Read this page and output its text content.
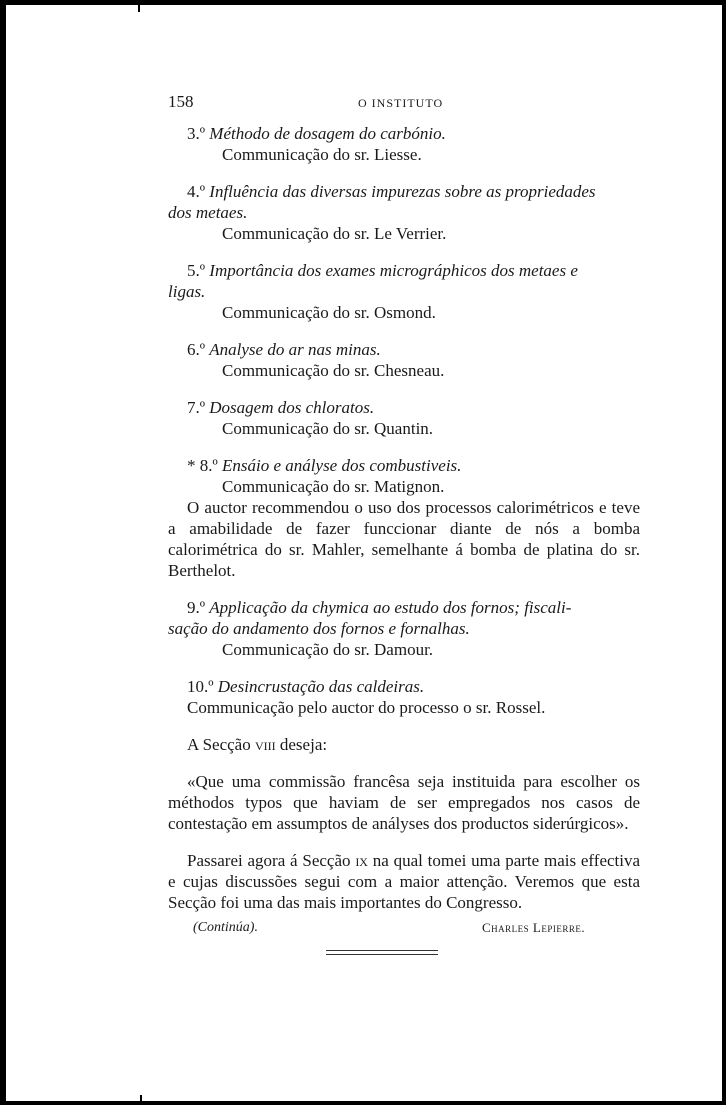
158	O INSTITUTO

3.º Méthodo de dosagem do carbónio.

Communicação do sr. Liesse.

4.º Influência das diversas impurezas sobre as propriedades

dos metaes.

Communicação do sr. Le Verrier.

5.º Importância dos exames micrográphicos dos metaes e

ligas.

Communicação do sr. Osmond.

6.º Analyse do ar nas minas.

Communicação do sr. Chesneau.

7.º Dosagem dos chloratos.

Communicação do sr. Quantin.

* 8.º Ensáio e anályse dos combustiveis.

Communicação do sr. Matignon.

O auctor recommendou o uso dos processos calorimétricos e teve a amabilidade de fazer funccionar diante de nós a bomba calorimétrica do sr. Mahler, semelhante á bomba de platina do sr. Berthelot.

9.º Applicação da chymica ao estudo dos fornos; fiscali-

sação do andamento dos fornos e fornalhas.

Communicação do sr. Damour.

10.º Desincrustação das caldeiras.

Communicação pelo auctor do processo o sr. Rossel.

A Secção viii deseja:

«Que uma commissão francêsa seja instituida para escolher os méthodos typos que haviam de ser empregados nos casos de contestação em assumptos de anályses dos productos siderúrgicos».

Passarei agora á Secção ix na qual tomei uma parte mais effectiva e cujas discussões segui com a maior attenção. Veremos que esta Secção foi uma das mais importantes do Congresso.

(Continúa).	Charles Lepierre.
